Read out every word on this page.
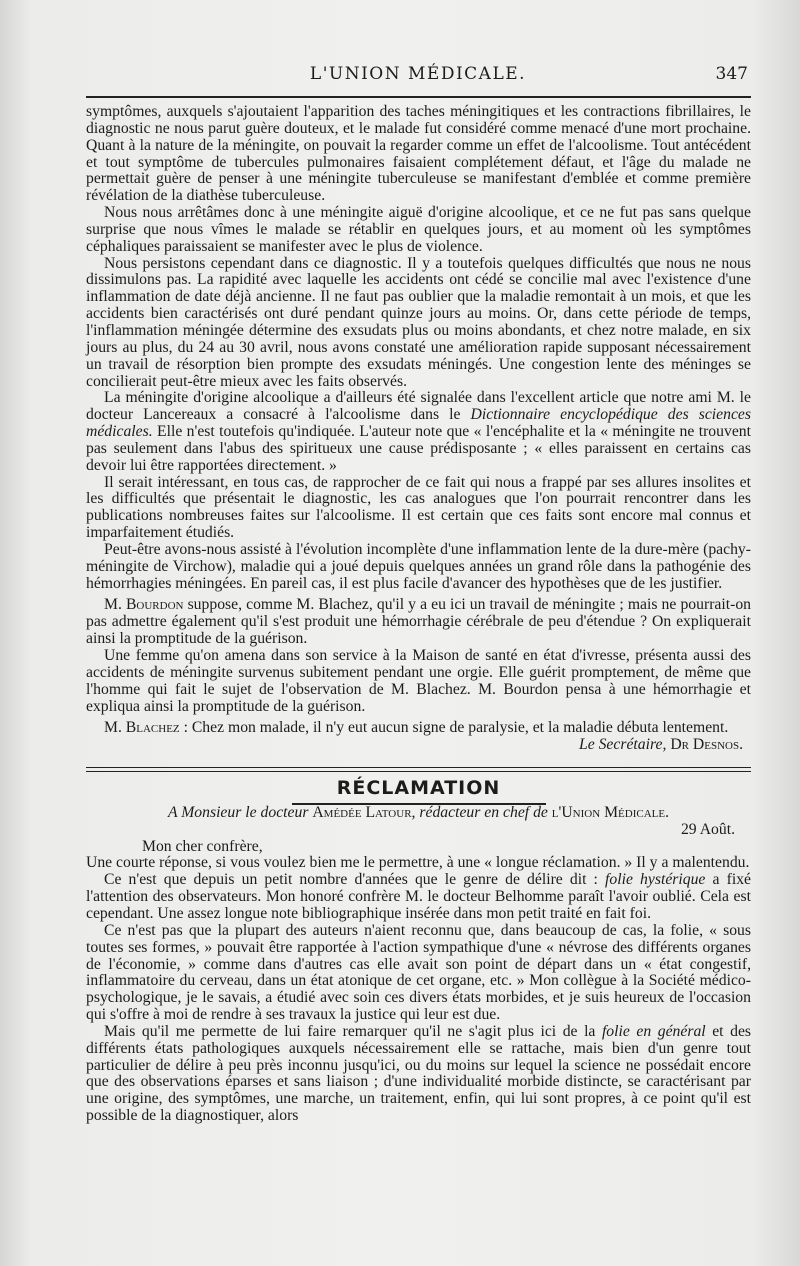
L'UNION MÉDICALE.	347

symptômes, auxquels s'ajoutaient l'apparition des taches méningitiques et les contractions fibrillaires, le diagnostic ne nous parut guère douteux, et le malade fut considéré comme menacé d'une mort prochaine. Quant à la nature de la méningite, on pouvait la regarder comme un effet de l'alcoolisme. Tout antécédent et tout symptôme de tubercules pulmonaires faisaient complétement défaut, et l'âge du malade ne permettait guère de penser à une méningite tuberculeuse se manifestant d'emblée et comme première révélation de la diathèse tuberculeuse.

Nous nous arrêtâmes donc à une méningite aiguë d'origine alcoolique, et ce ne fut pas sans quelque surprise que nous vîmes le malade se rétablir en quelques jours, et au moment où les symptômes céphaliques paraissaient se manifester avec le plus de violence.

Nous persistons cependant dans ce diagnostic. Il y a toutefois quelques difficultés que nous ne nous dissimulons pas. La rapidité avec laquelle les accidents ont cédé se concilie mal avec l'existence d'une inflammation de date déjà ancienne. Il ne faut pas oublier que la maladie remontait à un mois, et que les accidents bien caractérisés ont duré pendant quinze jours au moins. Or, dans cette période de temps, l'inflammation méningée détermine des exsudats plus ou moins abondants, et chez notre malade, en six jours au plus, du 24 au 30 avril, nous avons constaté une amélioration rapide supposant nécessairement un travail de résorption bien prompte des exsudats méningés. Une congestion lente des méninges se concilierait peut-être mieux avec les faits observés.

La méningite d'origine alcoolique a d'ailleurs été signalée dans l'excellent article que notre ami M. le docteur Lancereaux a consacré à l'alcoolisme dans le Dictionnaire encyclopédique des sciences médicales. Elle n'est toutefois qu'indiquée. L'auteur note que « l'encéphalite et la « méningite ne trouvent pas seulement dans l'abus des spiritueux une cause prédisposante ; « elles paraissent en certains cas devoir lui être rapportées directement. »

Il serait intéressant, en tous cas, de rapprocher de ce fait qui nous a frappé par ses allures insolites et les difficultés que présentait le diagnostic, les cas analogues que l'on pourrait rencontrer dans les publications nombreuses faites sur l'alcoolisme. Il est certain que ces faits sont encore mal connus et imparfaitement étudiés.

Peut-être avons-nous assisté à l'évolution incomplète d'une inflammation lente de la dure-mère (pachy-méningite de Virchow), maladie qui a joué depuis quelques années un grand rôle dans la pathogénie des hémorrhagies méningées. En pareil cas, il est plus facile d'avancer des hypothèses que de les justifier.

M. Bourdon suppose, comme M. Blachez, qu'il y a eu ici un travail de méningite ; mais ne pourrait-on pas admettre également qu'il s'est produit une hémorrhagie cérébrale de peu d'étendue ? On expliquerait ainsi la promptitude de la guérison.

Une femme qu'on amena dans son service à la Maison de santé en état d'ivresse, présenta aussi des accidents de méningite survenus subitement pendant une orgie. Elle guérit promptement, de même que l'homme qui fait le sujet de l'observation de M. Blachez. M. Bourdon pensa à une hémorrhagie et expliqua ainsi la promptitude de la guérison.

M. Blachez : Chez mon malade, il n'y eut aucun signe de paralysie, et la maladie débuta lentement.

Le Secrétaire, Dr Desnos.

RÉCLAMATION

A Monsieur le docteur Amédée Latour, rédacteur en chef de l'Union Médicale.

29 Août.

Mon cher confrère,

Une courte réponse, si vous voulez bien me le permettre, à une « longue réclamation. » Il y a malentendu.

Ce n'est que depuis un petit nombre d'années que le genre de délire dit : folie hystérique a fixé l'attention des observateurs. Mon honoré confrère M. le docteur Belhomme paraît l'avoir oublié. Cela est cependant. Une assez longue note bibliographique insérée dans mon petit traité en fait foi.

Ce n'est pas que la plupart des auteurs n'aient reconnu que, dans beaucoup de cas, la folie, « sous toutes ses formes, » pouvait être rapportée à l'action sympathique d'une « névrose des différents organes de l'économie, » comme dans d'autres cas elle avait son point de départ dans un « état congestif, inflammatoire du cerveau, dans un état atonique de cet organe, etc. » Mon collègue à la Société médico-psychologique, je le savais, a étudié avec soin ces divers états morbides, et je suis heureux de l'occasion qui s'offre à moi de rendre à ses travaux la justice qui leur est due.

Mais qu'il me permette de lui faire remarquer qu'il ne s'agit plus ici de la folie en général et des différents états pathologiques auxquels nécessairement elle se rattache, mais bien d'un genre tout particulier de délire à peu près inconnu jusqu'ici, ou du moins sur lequel la science ne possédait encore que des observations éparses et sans liaison ; d'une individualité morbide distincte, se caractérisant par une origine, des symptômes, une marche, un traitement, enfin, qui lui sont propres, à ce point qu'il est possible de la diagnostiquer, alors
